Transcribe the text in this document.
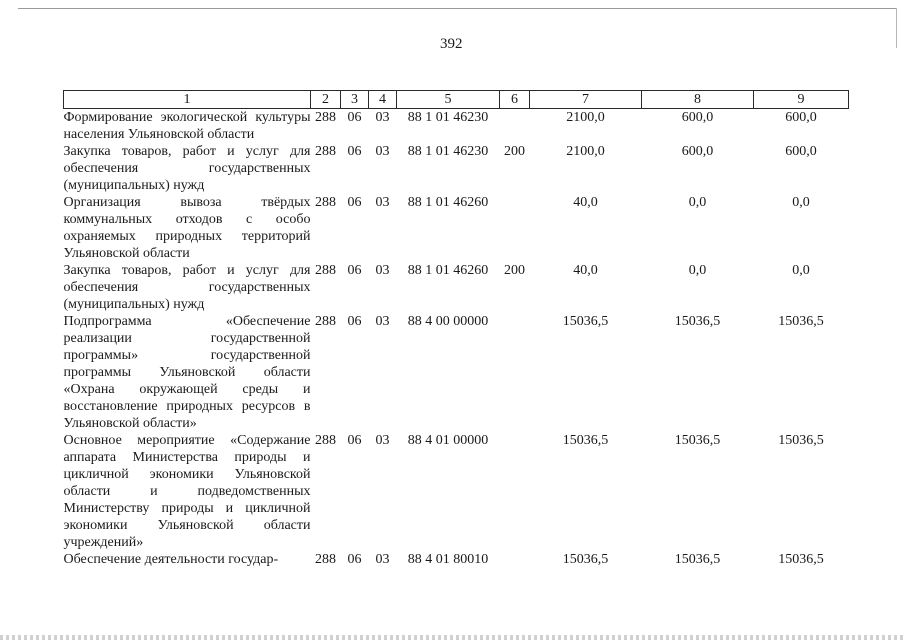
392
1	2	3	4	5	6	7	8	9
Формирование экологической культуры населения Ульяновской области	288	06	03	88 1 01 46230		2100,0	600,0	600,0
Закупка товаров, работ и услуг для обеспечения государственных (муниципальных) нужд	288	06	03	88 1 01 46230	200	2100,0	600,0	600,0
Организация вывоза твёрдых коммунальных отходов с особо охраняемых природных территорий Ульяновской области	288	06	03	88 1 01 46260		40,0	0,0	0,0
Закупка товаров, работ и услуг для обеспечения государственных (муниципальных) нужд	288	06	03	88 1 01 46260	200	40,0	0,0	0,0
Подпрограмма «Обеспечение реализации государственной программы» государственной программы Ульяновской области «Охрана окружающей среды и восстановление природных ресурсов в Ульяновской области»	288	06	03	88 4 00 00000		15036,5	15036,5	15036,5
Основное мероприятие «Содержание аппарата Министерства природы и цикличной экономики Ульяновской области и подведомственных Министерству природы и цикличной экономики Ульяновской области учреждений»	288	06	03	88 4 01 00000		15036,5	15036,5	15036,5
Обеспечение деятельности государ-	288	06	03	88 4 01 80010		15036,5	15036,5	15036,5
